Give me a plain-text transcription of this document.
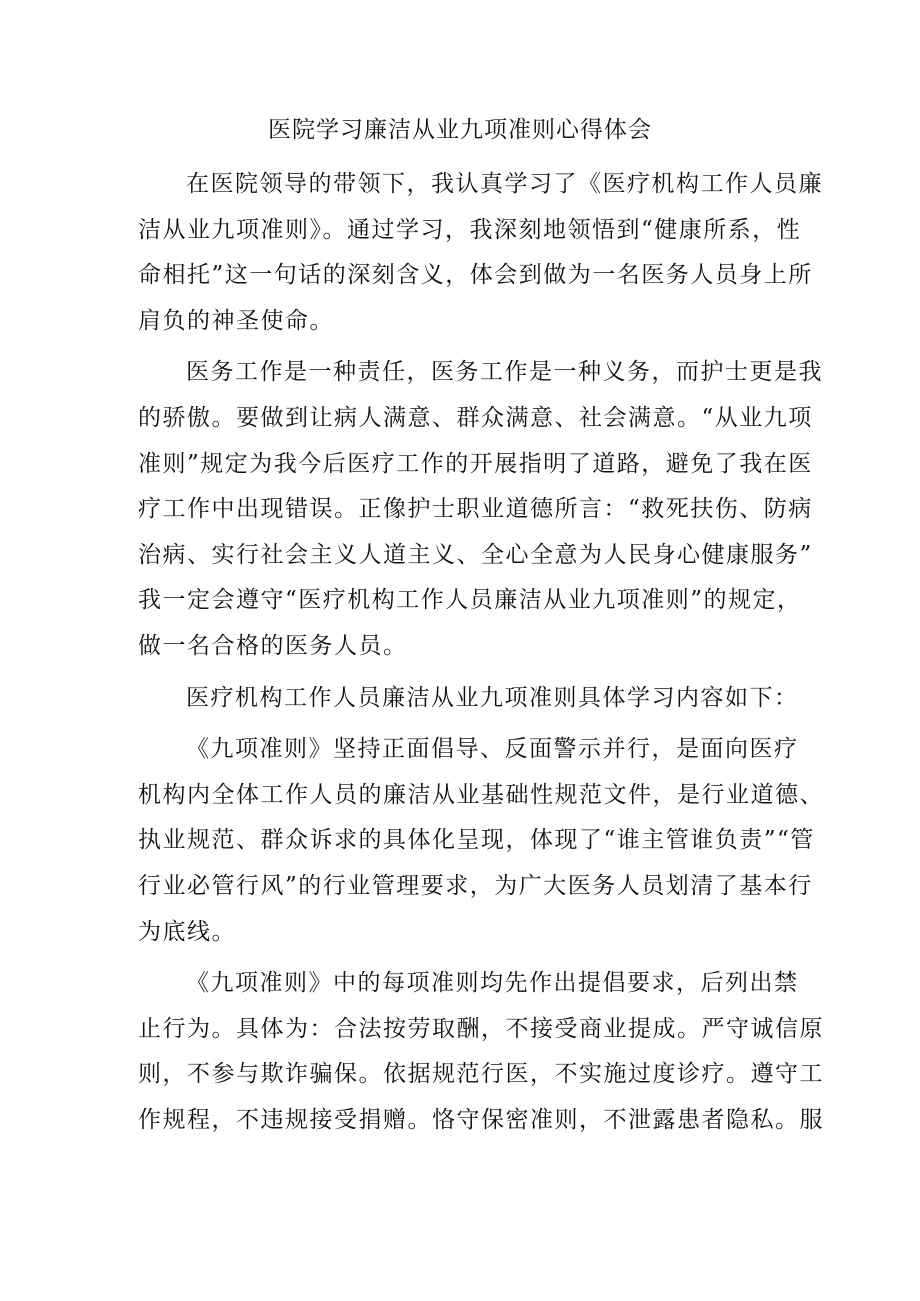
医院学习廉洁从业九项准则心得体会
在医院领导的带领下，我认真学习了《医疗机构工作人员廉
洁从业九项准则》。通过学习，我深刻地领悟到“健康所系，性
命相托”这一句话的深刻含义，体会到做为一名医务人员身上所
肩负的神圣使命。
医务工作是一种责任，医务工作是一种义务，而护士更是我
的骄傲。要做到让病人满意、群众满意、社会满意。“从业九项
准则”规定为我今后医疗工作的开展指明了道路，避免了我在医
疗工作中出现错误。正像护士职业道德所言：“救死扶伤、防病
治病、实行社会主义人道主义、全心全意为人民身心健康服务”
我一定会遵守“医疗机构工作人员廉洁从业九项准则”的规定，
做一名合格的医务人员。
医疗机构工作人员廉洁从业九项准则具体学习内容如下：
《九项准则》坚持正面倡导、反面警示并行，是面向医疗
机构内全体工作人员的廉洁从业基础性规范文件，是行业道德、
执业规范、群众诉求的具体化呈现，体现了“谁主管谁负责”“管
行业必管行风”的行业管理要求，为广大医务人员划清了基本行
为底线。
《九项准则》中的每项准则均先作出提倡要求，后列出禁
止行为。具体为：合法按劳取酬，不接受商业提成。严守诚信原
则，不参与欺诈骗保。依据规范行医，不实施过度诊疗。遵守工
作规程，不违规接受捐赠。恪守保密准则，不泄露患者隐私。服
